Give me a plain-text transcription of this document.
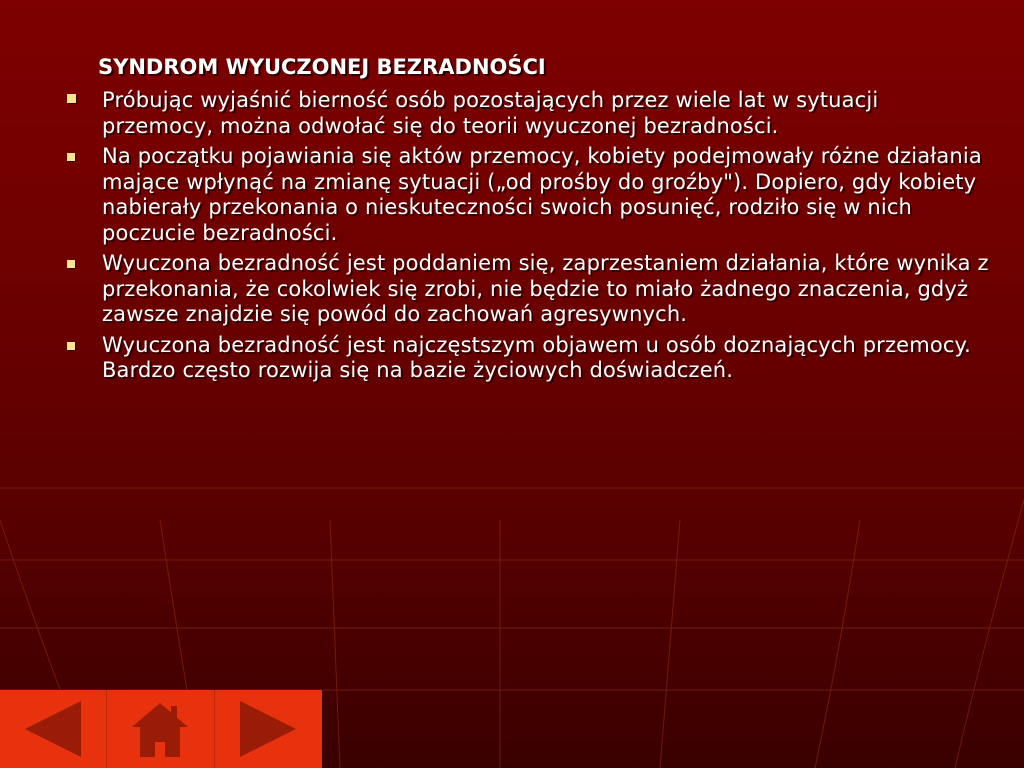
SYNDROM WYUCZONEJ BEZRADNOŚCI
Próbując wyjaśnić bierność osób pozostających przez wiele lat w sytuacji przemocy, można odwołać się do teorii wyuczonej bezradności.
Na początku pojawiania się aktów przemocy, kobiety podejmowały różne działania mające wpłynąć na zmianę sytuacji („od prośby do groźby"). Dopiero, gdy kobiety nabierały przekonania o nieskuteczności swoich posunięć, rodziło się w nich poczucie bezradności.
Wyuczona bezradność jest poddaniem się, zaprzestaniem działania, które wynika z przekonania, że cokolwiek się zrobi, nie będzie to miało żadnego znaczenia, gdyż zawsze znajdzie się powód do zachowań agresywnych.
Wyuczona bezradność jest najczęstszym objawem u osób doznających przemocy. Bardzo często rozwija się na bazie życiowych doświadczeń.
